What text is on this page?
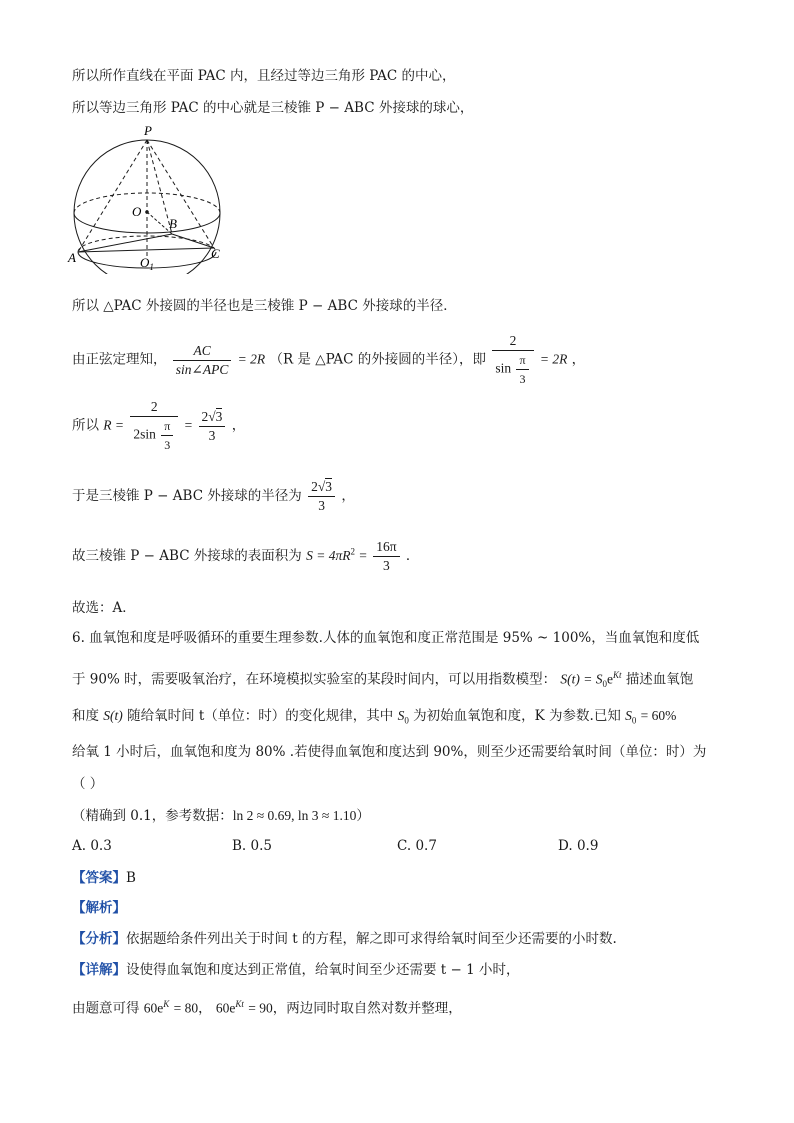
所以所作直线在平面 PAC 内，且经过等边三角形 PAC 的中心，
所以等边三角形 PAC 的中心就是三棱锥 P − ABC 外接球的球心，
P
O
B
A	C
$O_1$
所以 △PAC 外接圆的半径也是三棱锥 P − ABC 外接球的半径．
由正弦定理知， $\frac{AC}{\text{sin∠APC}} = 2R$ （R 是 △PAC 的外接圆的半径），即 $\frac{2}{\sin \frac{\pi}{3}} = 2R$ ，
所以 $R = \frac{2}{2\sin \frac{\pi}{3}} = \frac{2√3}{3}$ ，
于是三棱锥 P − ABC 外接球的半径为 $\frac{2√3}{3}$ ，
故三棱锥 P − ABC 外接球的表面积为 $S = 4\pi R^2 = \frac{16\pi}{3}$ ．
故选：A．
6. 血氧饱和度是呼吸循环的重要生理参数.人体的血氧饱和度正常范围是 95% ~ 100%，当血氧饱和度低
于 90% 时，需要吸氧治疗，在环境模拟实验室的某段时间内，可以用指数模型： $S(t) = S_0e^{Kt}$ 描述血氧饱
和度 S(t) 随给氧时间 t（单位：时）的变化规律，其中 $S_0$ 为初始血氧饱和度，K 为参数.已知 $S_0 = 60\%$
给氧 1 小时后，血氧饱和度为 80% .若使得血氧饱和度达到 90%，则至少还需要给氧时间（单位：时）为
（ ）
（精确到 0.1，参考数据：ln 2 ≈ 0.69, ln 3 ≈ 1.10）
A. 0.3	B. 0.5	C. 0.7	D. 0.9
【答案】B
【解析】
【分析】依据题给条件列出关于时间 t 的方程，解之即可求得给氧时间至少还需要的小时数.
【详解】设使得血氧饱和度达到正常值，给氧时间至少还需要 t − 1 小时，
由题意可得 $60e^K = 80$， $60e^{Kt} = 90$，两边同时取自然对数并整理，
